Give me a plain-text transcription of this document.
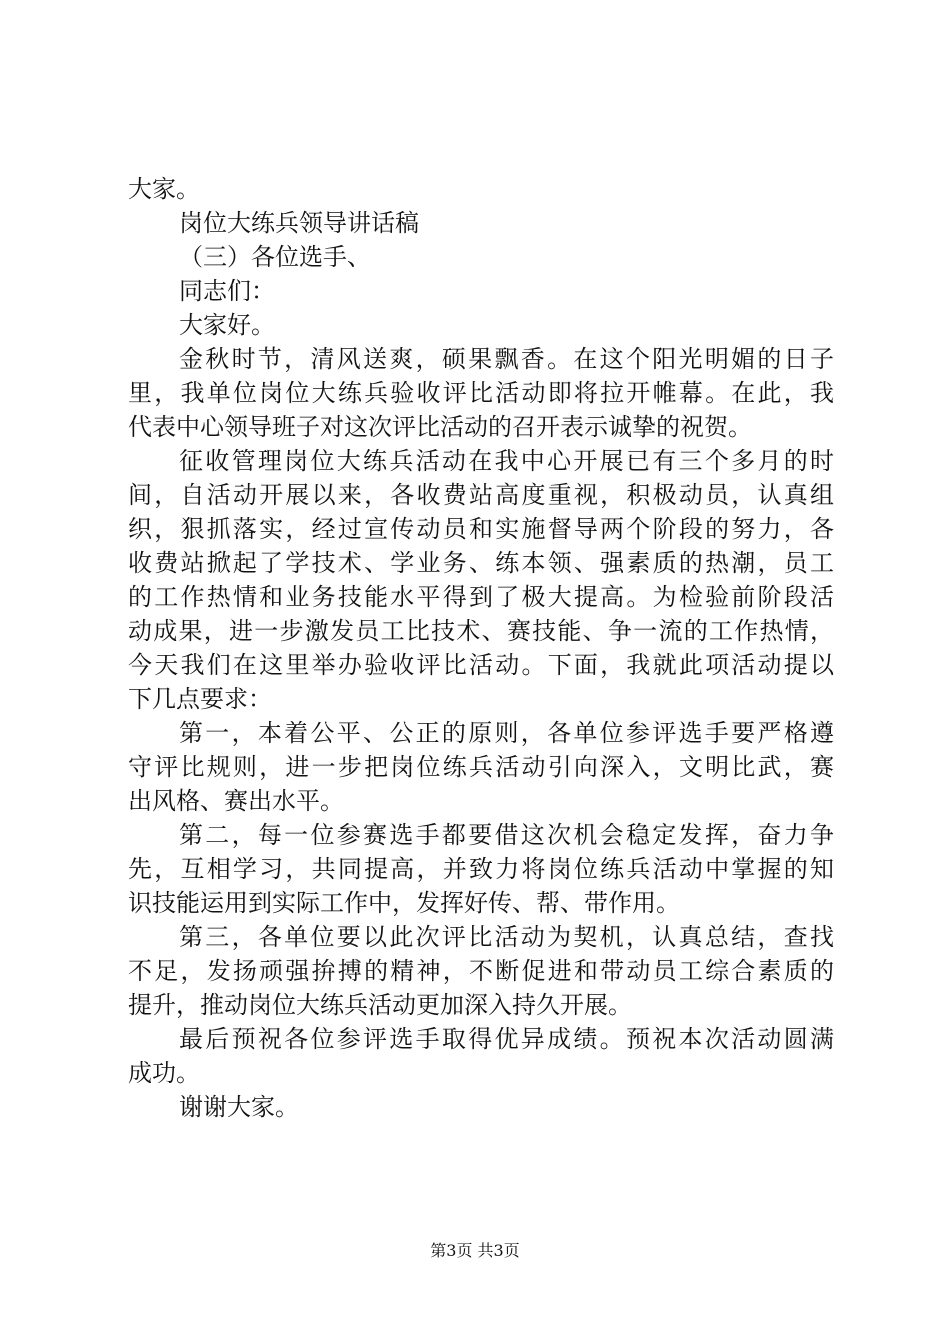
大家。
岗位大练兵领导讲话稿
（三）各位选手、
同志们：
大家好。
金秋时节，清风送爽，硕果飘香。在这个阳光明媚的日子
里，我单位岗位大练兵验收评比活动即将拉开帷幕。在此，我
代表中心领导班子对这次评比活动的召开表示诚挚的祝贺。
征收管理岗位大练兵活动在我中心开展已有三个多月的时
间，自活动开展以来，各收费站高度重视，积极动员，认真组
织，狠抓落实，经过宣传动员和实施督导两个阶段的努力，各
收费站掀起了学技术、学业务、练本领、强素质的热潮，员工
的工作热情和业务技能水平得到了极大提高。为检验前阶段活
动成果，进一步激发员工比技术、赛技能、争一流的工作热情，
今天我们在这里举办验收评比活动。下面，我就此项活动提以
下几点要求：
第一，本着公平、公正的原则，各单位参评选手要严格遵
守评比规则，进一步把岗位练兵活动引向深入，文明比武，赛
出风格、赛出水平。
第二，每一位参赛选手都要借这次机会稳定发挥，奋力争
先，互相学习，共同提高，并致力将岗位练兵活动中掌握的知
识技能运用到实际工作中，发挥好传、帮、带作用。
第三，各单位要以此次评比活动为契机，认真总结，查找
不足，发扬顽强拚搏的精神，不断促进和带动员工综合素质的
提升，推动岗位大练兵活动更加深入持久开展。
最后预祝各位参评选手取得优异成绩。预祝本次活动圆满
成功。
谢谢大家。
第3页 共3页
